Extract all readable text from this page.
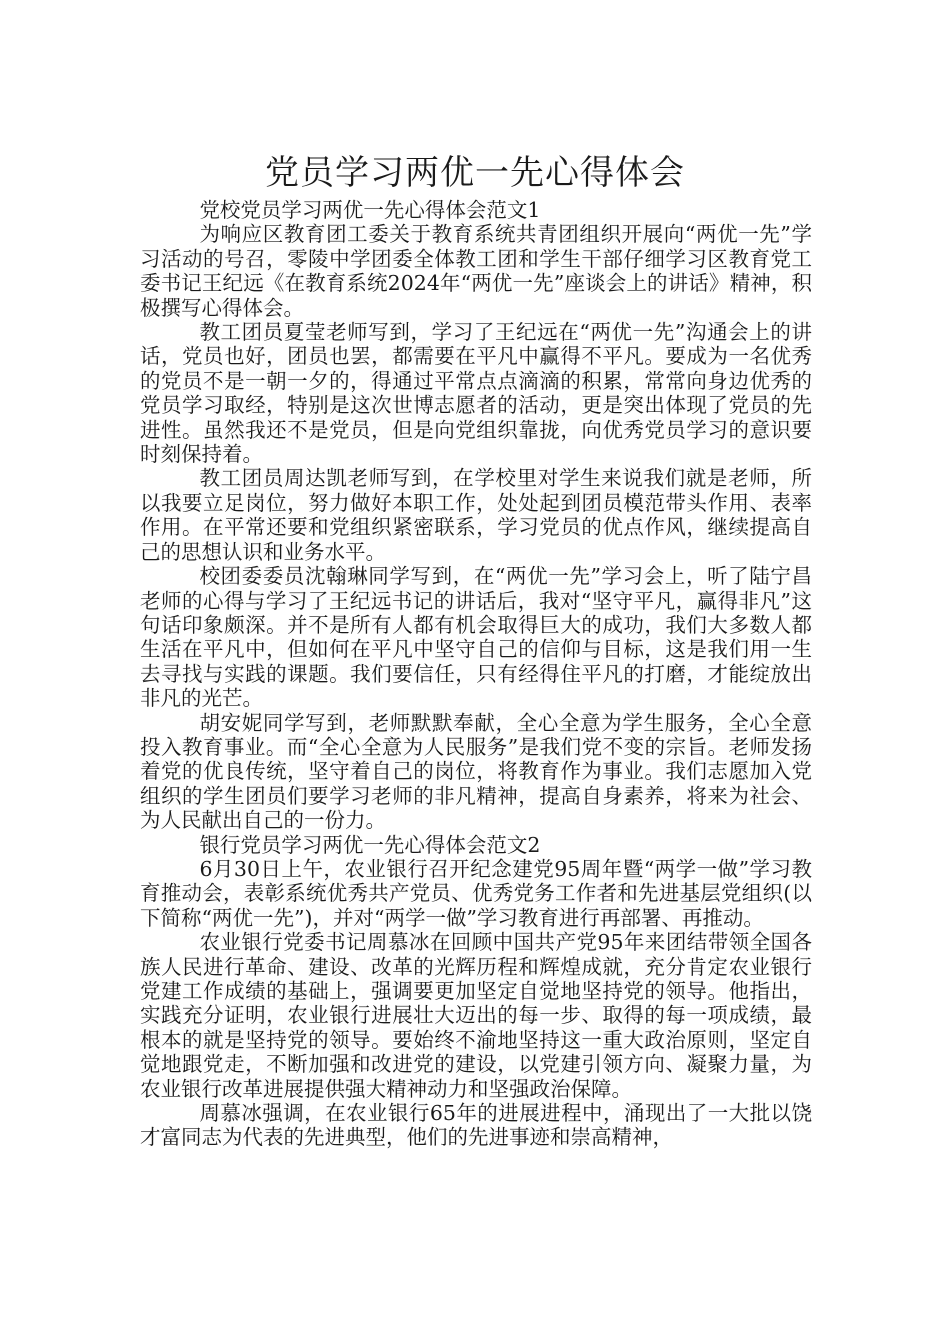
党员学习两优一先心得体会

党校党员学习两优一先心得体会范文1

为响应区教育团工委关于教育系统共青团组织开展向“两优一先”学习活动的号召，零陵中学团委全体教工团和学生干部仔细学习区教育党工委书记王纪远《在教育系统2024年“两优一先”座谈会上的讲话》精神，积极撰写心得体会。

教工团员夏莹老师写到，学习了王纪远在“两优一先”沟通会上的讲话，党员也好，团员也罢，都需要在平凡中赢得不平凡。要成为一名优秀的党员不是一朝一夕的，得通过平常点点滴滴的积累，常常向身边优秀的党员学习取经，特别是这次世博志愿者的活动，更是突出体现了党员的先进性。虽然我还不是党员，但是向党组织靠拢，向优秀党员学习的意识要时刻保持着。

教工团员周达凯老师写到，在学校里对学生来说我们就是老师，所以我要立足岗位，努力做好本职工作，处处起到团员模范带头作用、表率作用。在平常还要和党组织紧密联系，学习党员的优点作风，继续提高自己的思想认识和业务水平。

校团委委员沈翰琳同学写到，在“两优一先”学习会上，听了陆宁昌老师的心得与学习了王纪远书记的讲话后，我对“坚守平凡，赢得非凡”这句话印象颇深。并不是所有人都有机会取得巨大的成功，我们大多数人都生活在平凡中，但如何在平凡中坚守自己的信仰与目标，这是我们用一生去寻找与实践的课题。我们要信任，只有经得住平凡的打磨，才能绽放出非凡的光芒。

胡安妮同学写到，老师默默奉献，全心全意为学生服务，全心全意投入教育事业。而“全心全意为人民服务”是我们党不变的宗旨。老师发扬着党的优良传统，坚守着自己的岗位，将教育作为事业。我们志愿加入党组织的学生团员们要学习老师的非凡精神，提高自身素养，将来为社会、为人民献出自己的一份力。

银行党员学习两优一先心得体会范文2

6月30日上午，农业银行召开纪念建党95周年暨“两学一做”学习教育推动会，表彰系统优秀共产党员、优秀党务工作者和先进基层党组织(以下简称“两优一先”)，并对“两学一做”学习教育进行再部署、再推动。

农业银行党委书记周慕冰在回顾中国共产党95年来团结带领全国各族人民进行革命、建设、改革的光辉历程和辉煌成就，充分肯定农业银行党建工作成绩的基础上，强调要更加坚定自觉地坚持党的领导。他指出，实践充分证明，农业银行进展壮大迈出的每一步、取得的每一项成绩，最根本的就是坚持党的领导。要始终不渝地坚持这一重大政治原则，坚定自觉地跟党走，不断加强和改进党的建设，以党建引领方向、凝聚力量，为农业银行改革进展提供强大精神动力和坚强政治保障。

周慕冰强调，在农业银行65年的进展进程中，涌现出了一大批以饶才富同志为代表的先进典型，他们的先进事迹和崇高精神，
